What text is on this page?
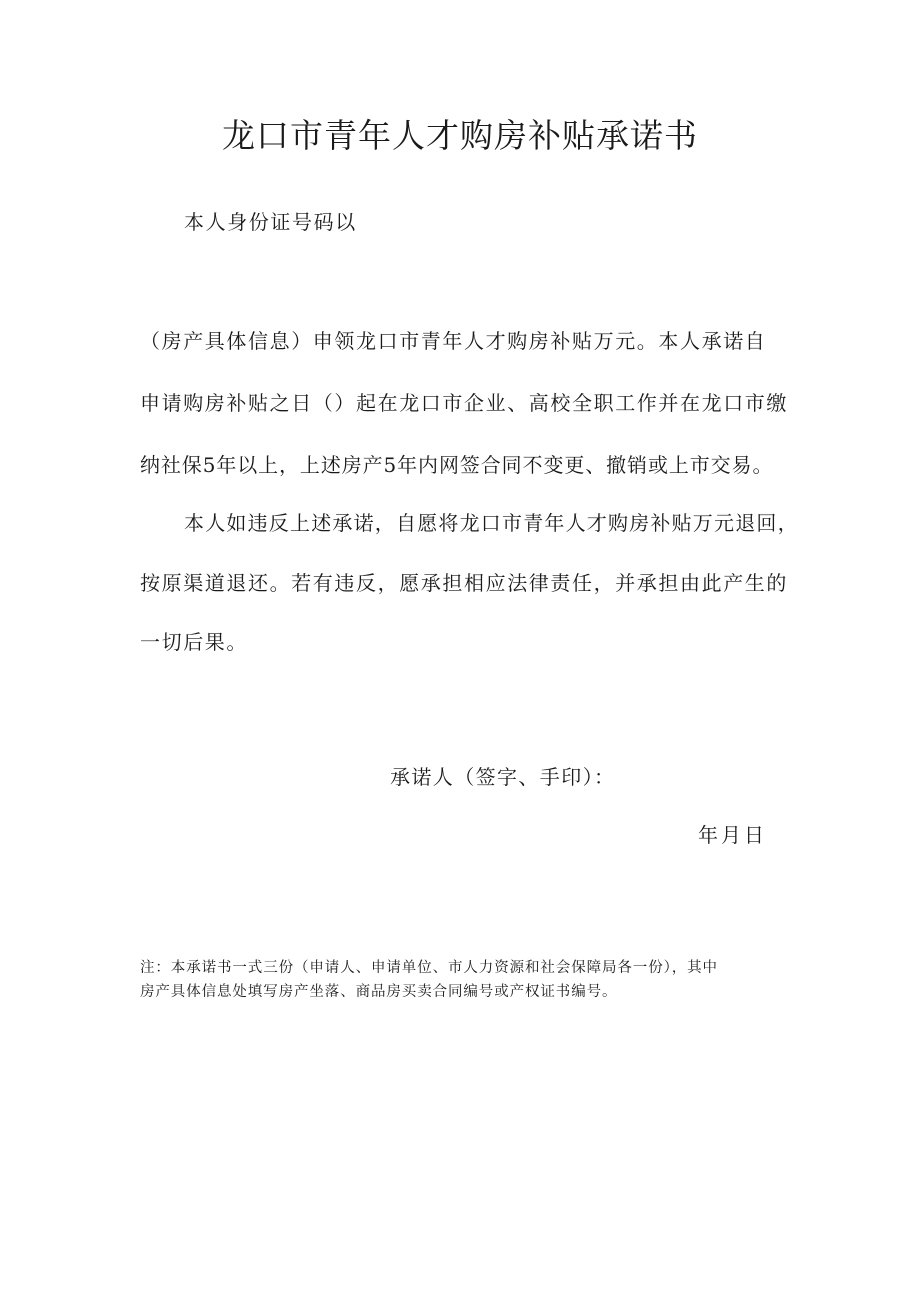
龙口市青年人才购房补贴承诺书
本人身份证号码以
（房产具体信息）申领龙口市青年人才购房补贴万元。本人承诺自
申请购房补贴之日（）起在龙口市企业、高校全职工作并在龙口市缴
纳社保5年以上，上述房产5年内网签合同不变更、撤销或上市交易。
本人如违反上述承诺，自愿将龙口市青年人才购房补贴万元退回，
按原渠道退还。若有违反，愿承担相应法律责任，并承担由此产生的
一切后果。
承诺人（签字、手印）：
年月日
注：本承诺书一式三份（申请人、申请单位、市人力资源和社会保障局各一份），其中
房产具体信息处填写房产坐落、商品房买卖合同编号或产权证书编号。
